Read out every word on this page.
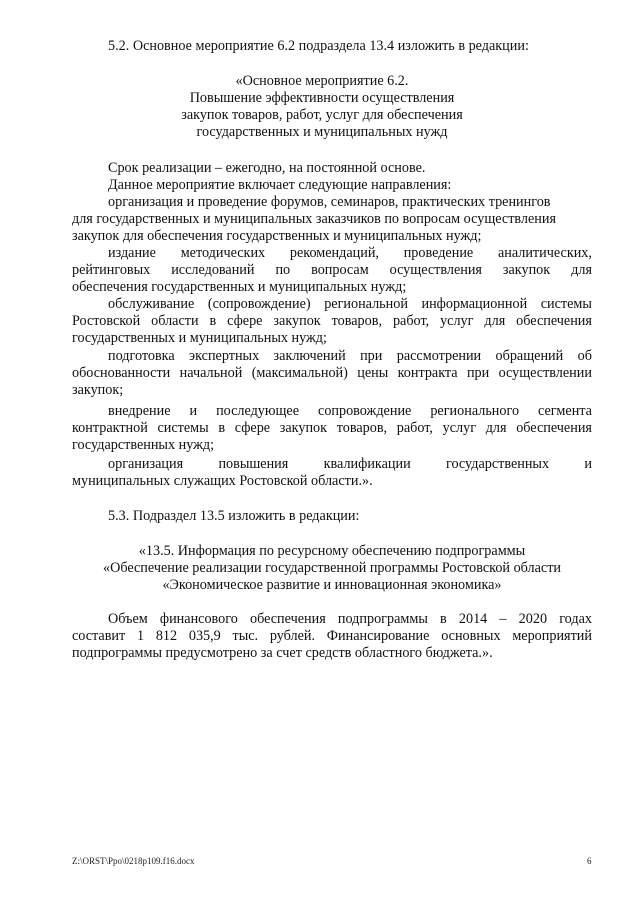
5.2. Основное мероприятие 6.2 подраздела 13.4 изложить в редакции:
«Основное мероприятие 6.2.
Повышение эффективности осуществления
закупок товаров, работ, услуг для обеспечения
государственных и муниципальных нужд
Срок реализации – ежегодно, на постоянной основе.
Данное мероприятие включает следующие направления:
организация и проведение форумов, семинаров, практических тренингов
для государственных и муниципальных заказчиков по вопросам осуществления
закупок для обеспечения государственных и муниципальных нужд;
издание методических рекомендаций, проведение аналитических,
рейтинговых исследований по вопросам осуществления закупок для
обеспечения государственных и муниципальных нужд;
обслуживание (сопровождение) региональной информационной системы
Ростовской области в сфере закупок товаров, работ, услуг для обеспечения
государственных и муниципальных нужд;
подготовка экспертных заключений при рассмотрении обращений об
обоснованности начальной (максимальной) цены контракта при осуществлении
закупок;
внедрение и последующее сопровождение регионального сегмента
контрактной системы в сфере закупок товаров, работ, услуг для обеспечения
государственных нужд;
организация повышения квалификации государственных и
муниципальных служащих Ростовской области.».
5.3. Подраздел 13.5 изложить в редакции:
«13.5. Информация по ресурсному обеспечению подпрограммы
«Обеспечение реализации государственной программы Ростовской области
«Экономическое развитие и инновационная экономика»
Объем финансового обеспечения подпрограммы в 2014 – 2020 годах
составит 1 812 035,9 тыс. рублей. Финансирование основных мероприятий
подпрограммы предусмотрено за счет средств областного бюджета.».
Z:\ORST\Ppo\0218p109.f16.docx	6
